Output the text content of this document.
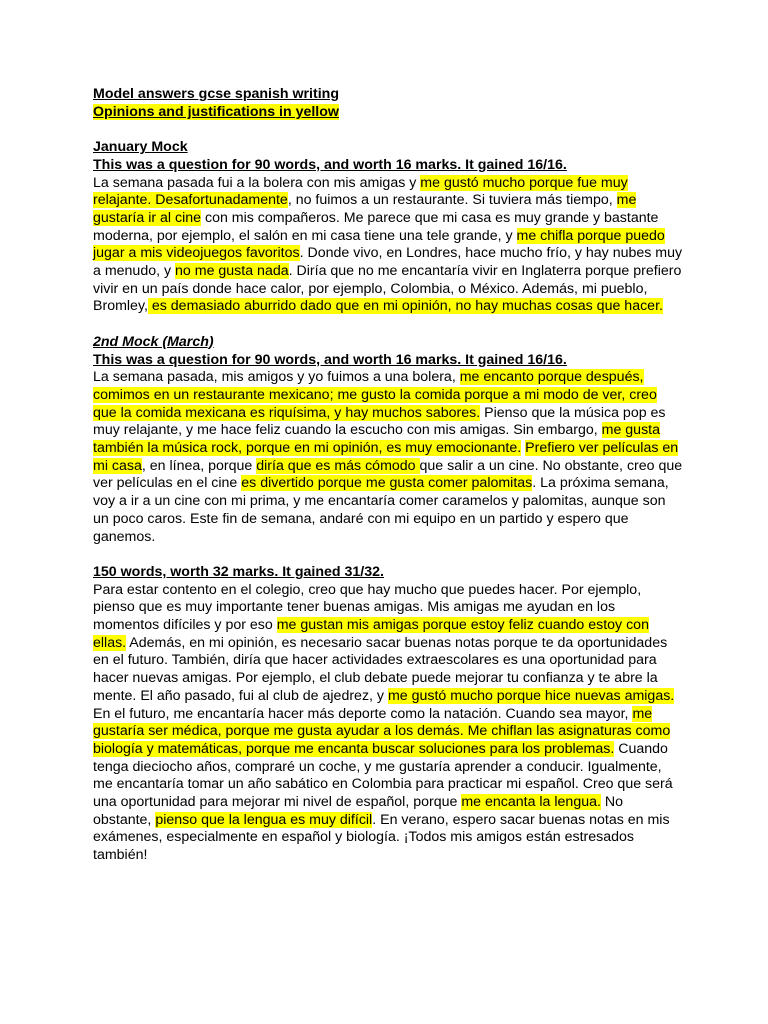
Model answers gcse spanish writing

Opinions and justifications in yellow

January Mock

This was a question for 90 words, and worth 16 marks. It gained 16/16.

La semana pasada fui a la bolera con mis amigas y me gustó mucho porque fue muy relajante. Desafortunadamente, no fuimos a un restaurante. Si tuviera más tiempo, me gustaría ir al cine con mis compañeros. Me parece que mi casa es muy grande y bastante moderna, por ejemplo, el salón en mi casa tiene una tele grande, y me chifla porque puedo jugar a mis videojuegos favoritos. Donde vivo, en Londres, hace mucho frío, y hay nubes muy a menudo, y no me gusta nada. Diría que no me encantaría vivir en Inglaterra porque prefiero vivir en un país donde hace calor, por ejemplo, Colombia, o México. Además, mi pueblo, Bromley, es demasiado aburrido dado que en mi opinión, no hay muchas cosas que hacer.

2nd Mock (March)

This was a question for 90 words, and worth 16 marks. It gained 16/16.

La semana pasada, mis amigos y yo fuimos a una bolera, me encanto porque después, comimos en un restaurante mexicano; me gusto la comida porque a mi modo de ver, creo que la comida mexicana es riquísima, y hay muchos sabores. Pienso que la música pop es muy relajante, y me hace feliz cuando la escucho con mis amigas. Sin embargo, me gusta también la música rock, porque en mi opinión, es muy emocionante. Prefiero ver películas en mi casa, en línea, porque diría que es más cómodo que salir a un cine. No obstante, creo que ver películas en el cine es divertido porque me gusta comer palomitas. La próxima semana, voy a ir a un cine con mi prima, y me encantaría comer caramelos y palomitas, aunque son un poco caros. Este fin de semana, andaré con mi equipo en un partido y espero que ganemos.

150 words, worth 32 marks. It gained 31/32.

Para estar contento en el colegio, creo que hay mucho que puedes hacer. Por ejemplo, pienso que es muy importante tener buenas amigas. Mis amigas me ayudan en los momentos difíciles y por eso me gustan mis amigas porque estoy feliz cuando estoy con ellas. Además, en mi opinión, es necesario sacar buenas notas porque te da oportunidades en el futuro. También, diría que hacer actividades extraescolares es una oportunidad para hacer nuevas amigas. Por ejemplo, el club debate puede mejorar tu confianza y te abre la mente. El año pasado, fui al club de ajedrez, y me gustó mucho porque hice nuevas amigas. En el futuro, me encantaría hacer más deporte como la natación. Cuando sea mayor, me gustaría ser médica, porque me gusta ayudar a los demás. Me chiflan las asignaturas como biología y matemáticas, porque me encanta buscar soluciones para los problemas. Cuando tenga dieciocho años, compraré un coche, y me gustaría aprender a conducir. Igualmente, me encantaría tomar un año sabático en Colombia para practicar mi español. Creo que será una oportunidad para mejorar mi nivel de español, porque me encanta la lengua. No obstante, pienso que la lengua es muy difícil. En verano, espero sacar buenas notas en mis exámenes, especialmente en español y biología. ¡Todos mis amigos están estresados también!
